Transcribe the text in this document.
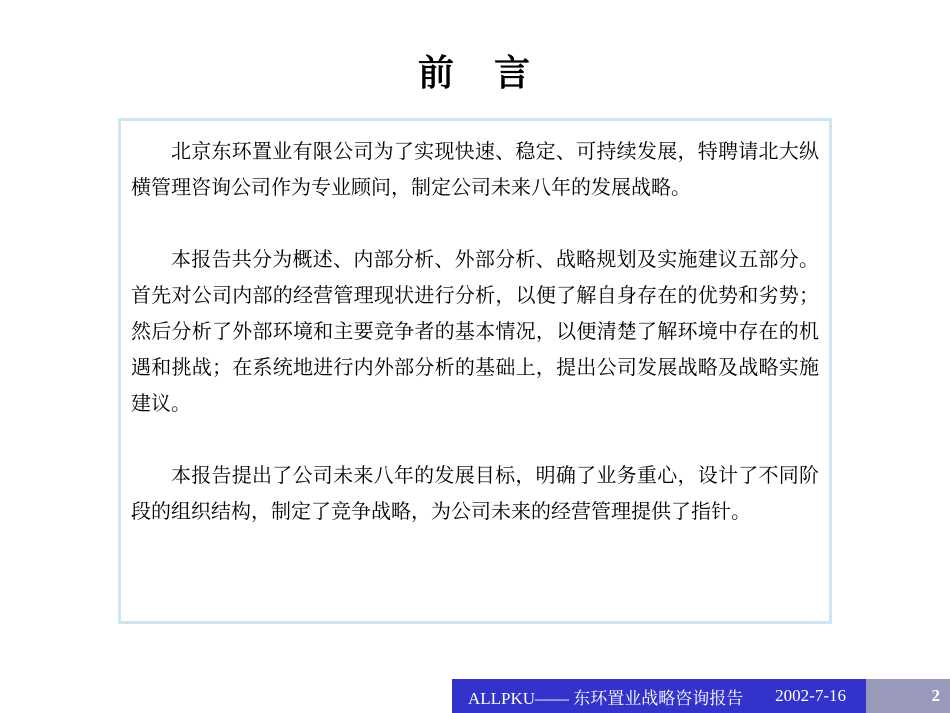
前　言

北京东环置业有限公司为了实现快速、稳定、可持续发展，特聘请北大纵横管理咨询公司作为专业顾问，制定公司未来八年的发展战略。

本报告共分为概述、内部分析、外部分析、战略规划及实施建议五部分。首先对公司内部的经营管理现状进行分析，以便了解自身存在的优势和劣势；然后分析了外部环境和主要竞争者的基本情况，以便清楚了解环境中存在的机遇和挑战；在系统地进行内外部分析的基础上，提出公司发展战略及战略实施建议。

本报告提出了公司未来八年的发展目标，明确了业务重心，设计了不同阶段的组织结构，制定了竞争战略，为公司未来的经营管理提供了指针。

ALLPKU—— 东环置业战略咨询报告	2002-7-16	2
